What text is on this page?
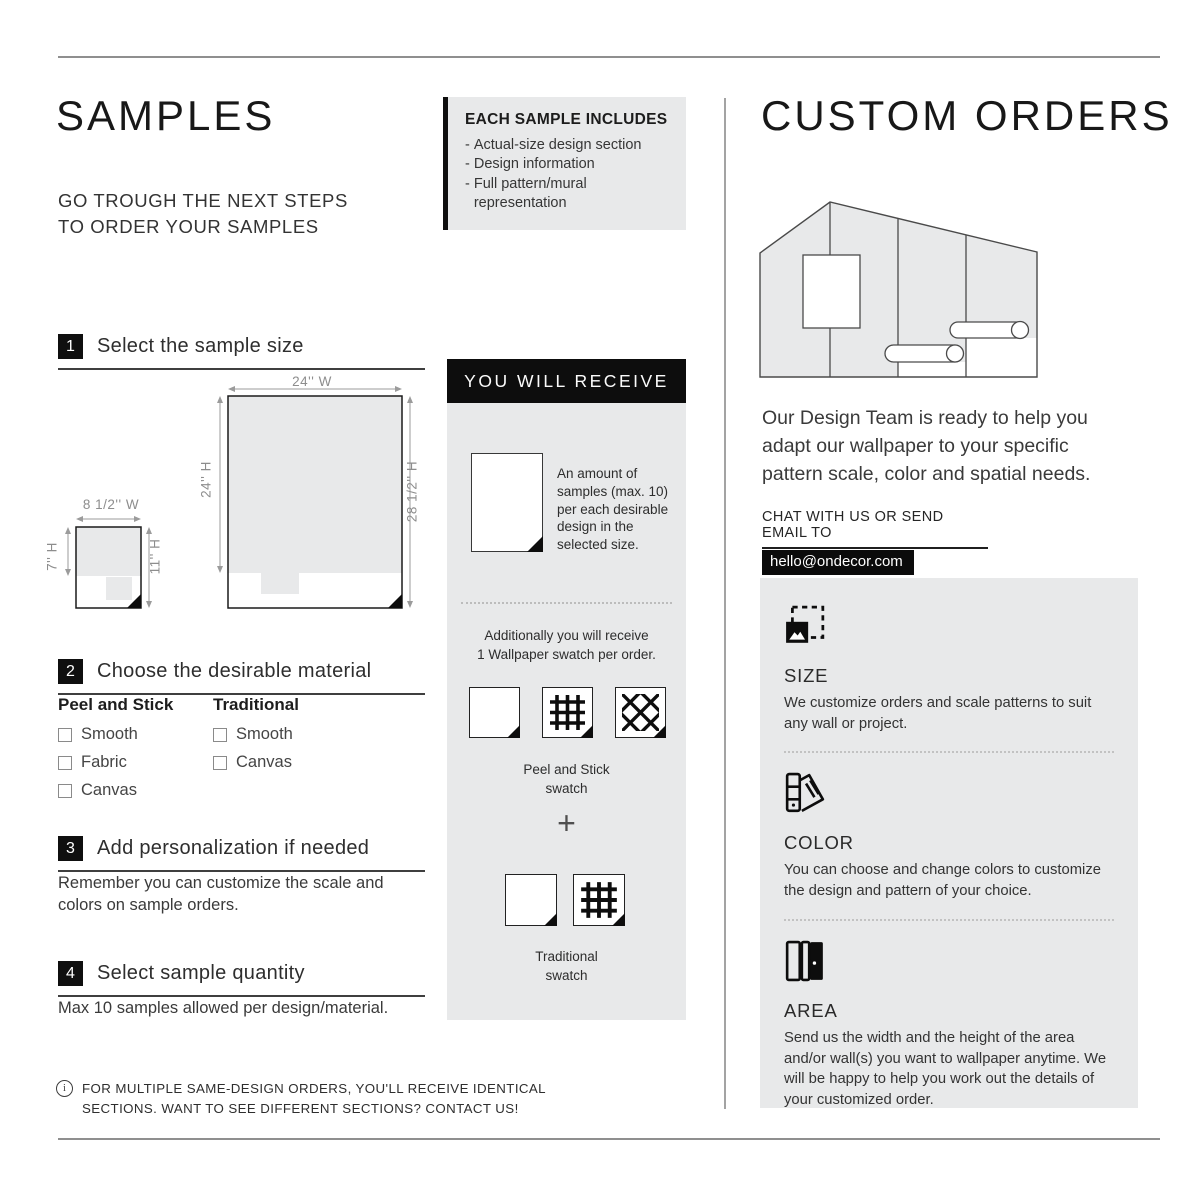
SAMPLES
GO TROUGH THE NEXT STEPS
TO ORDER YOUR SAMPLES
1	Select the sample size
8 1/2'' W
7'' H	11'' H
24'' W
24'' H	28 1/2'' H
2	Choose the desirable material
Peel and Stick
Smooth
Fabric
Canvas
Traditional
Smooth
Canvas
3	Add personalization if needed
Remember you can customize the scale and colors on sample orders.
4	Select sample quantity
Max 10 samples allowed per design/material.
i	FOR MULTIPLE SAME-DESIGN ORDERS, YOU'LL RECEIVE IDENTICAL
SECTIONS. WANT TO SEE DIFFERENT SECTIONS? CONTACT US!
EACH SAMPLE INCLUDES
- Actual-size design section
- Design information
- Full pattern/mural representation
YOU WILL RECEIVE
An amount of samples (max. 10) per each desirable design in the selected size.
Additionally you will receive
1 Wallpaper swatch per order.
Peel and Stick
swatch
+
Traditional
swatch
CUSTOM ORDERS
Our Design Team is ready to help you adapt our wallpaper to your specific pattern scale, color and spatial needs.
CHAT WITH US OR SEND EMAIL TO
hello@ondecor.com
SIZE
We customize orders and scale patterns to suit any wall or project.
COLOR
You can choose and change colors to customize the design and pattern of your choice.
AREA
Send us the width and the height of the area and/or wall(s) you want to wallpaper anytime. We will be happy to help you work out the details of your customized order.
